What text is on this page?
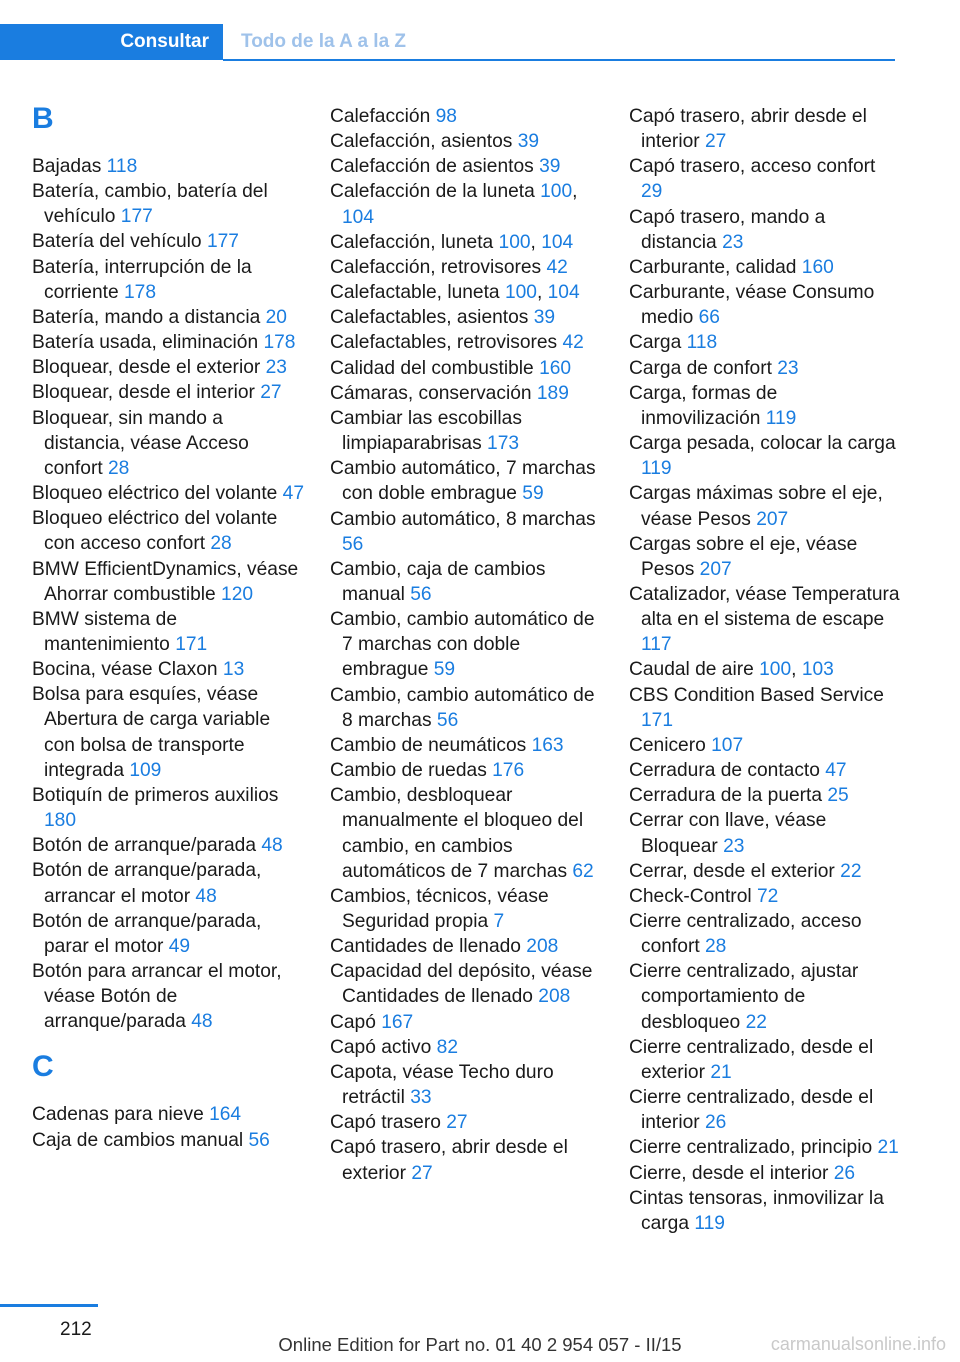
Consultar	Todo de la A a la Z
B
Bajadas 118
Batería, cambio, batería del vehículo 177
Batería del vehículo 177
Batería, interrupción de la corriente 178
Batería, mando a distancia 20
Batería usada, eliminación 178
Bloquear, desde el exterior 23
Bloquear, desde el interior 27
Bloquear, sin mando a distancia, véase Acceso confort 28
Bloqueo eléctrico del volante 47
Bloqueo eléctrico del volante con acceso confort 28
BMW EfficientDynamics, véase Ahorrar combustible 120
BMW sistema de mantenimiento 171
Bocina, véase Claxon 13
Bolsa para esquíes, véase Abertura de carga variable con bolsa de transporte integrada 109
Botiquín de primeros auxilios 180
Botón de arranque/parada 48
Botón de arranque/parada, arrancar el motor 48
Botón de arranque/parada, parar el motor 49
Botón para arrancar el motor, véase Botón de arranque/parada 48
C
Cadenas para nieve 164
Caja de cambios manual 56
Calefacción 98
Calefacción, asientos 39
Calefacción de asientos 39
Calefacción de la luneta 100, 104
Calefacción, luneta 100, 104
Calefacción, retrovisores 42
Calefactable, luneta 100, 104
Calefactables, asientos 39
Calefactables, retrovisores 42
Calidad del combustible 160
Cámaras, conservación 189
Cambiar las escobillas limpiaparabrisas 173
Cambio automático, 7 marchas con doble embrague 59
Cambio automático, 8 marchas 56
Cambio, caja de cambios manual 56
Cambio, cambio automático de 7 marchas con doble embrague 59
Cambio, cambio automático de 8 marchas 56
Cambio de neumáticos 163
Cambio de ruedas 176
Cambio, desbloquear manualmente el bloqueo del cambio, en cambios automáticos de 7 marchas 62
Cambios, técnicos, véase Seguridad propia 7
Cantidades de llenado 208
Capacidad del depósito, véase Cantidades de llenado 208
Capó 167
Capó activo 82
Capota, véase Techo duro retráctil 33
Capó trasero 27
Capó trasero, abrir desde el exterior 27
Capó trasero, abrir desde el interior 27
Capó trasero, acceso confort 29
Capó trasero, mando a distancia 23
Carburante, calidad 160
Carburante, véase Consumo medio 66
Carga 118
Carga de confort 23
Carga, formas de inmovilización 119
Carga pesada, colocar la carga 119
Cargas máximas sobre el eje, véase Pesos 207
Cargas sobre el eje, véase Pesos 207
Catalizador, véase Temperatura alta en el sistema de escape 117
Caudal de aire 100, 103
CBS Condition Based Service 171
Cenicero 107
Cerradura de contacto 47
Cerradura de la puerta 25
Cerrar con llave, véase Bloquear 23
Cerrar, desde el exterior 22
Check-Control 72
Cierre centralizado, acceso confort 28
Cierre centralizado, ajustar comportamiento de desbloqueo 22
Cierre centralizado, desde el exterior 21
Cierre centralizado, desde el interior 26
Cierre centralizado, principio 21
Cierre, desde el interior 26
Cintas tensoras, inmovilizar la carga 119
212
Online Edition for Part no. 01 40 2 954 057 - II/15	carmanualsonline.info
